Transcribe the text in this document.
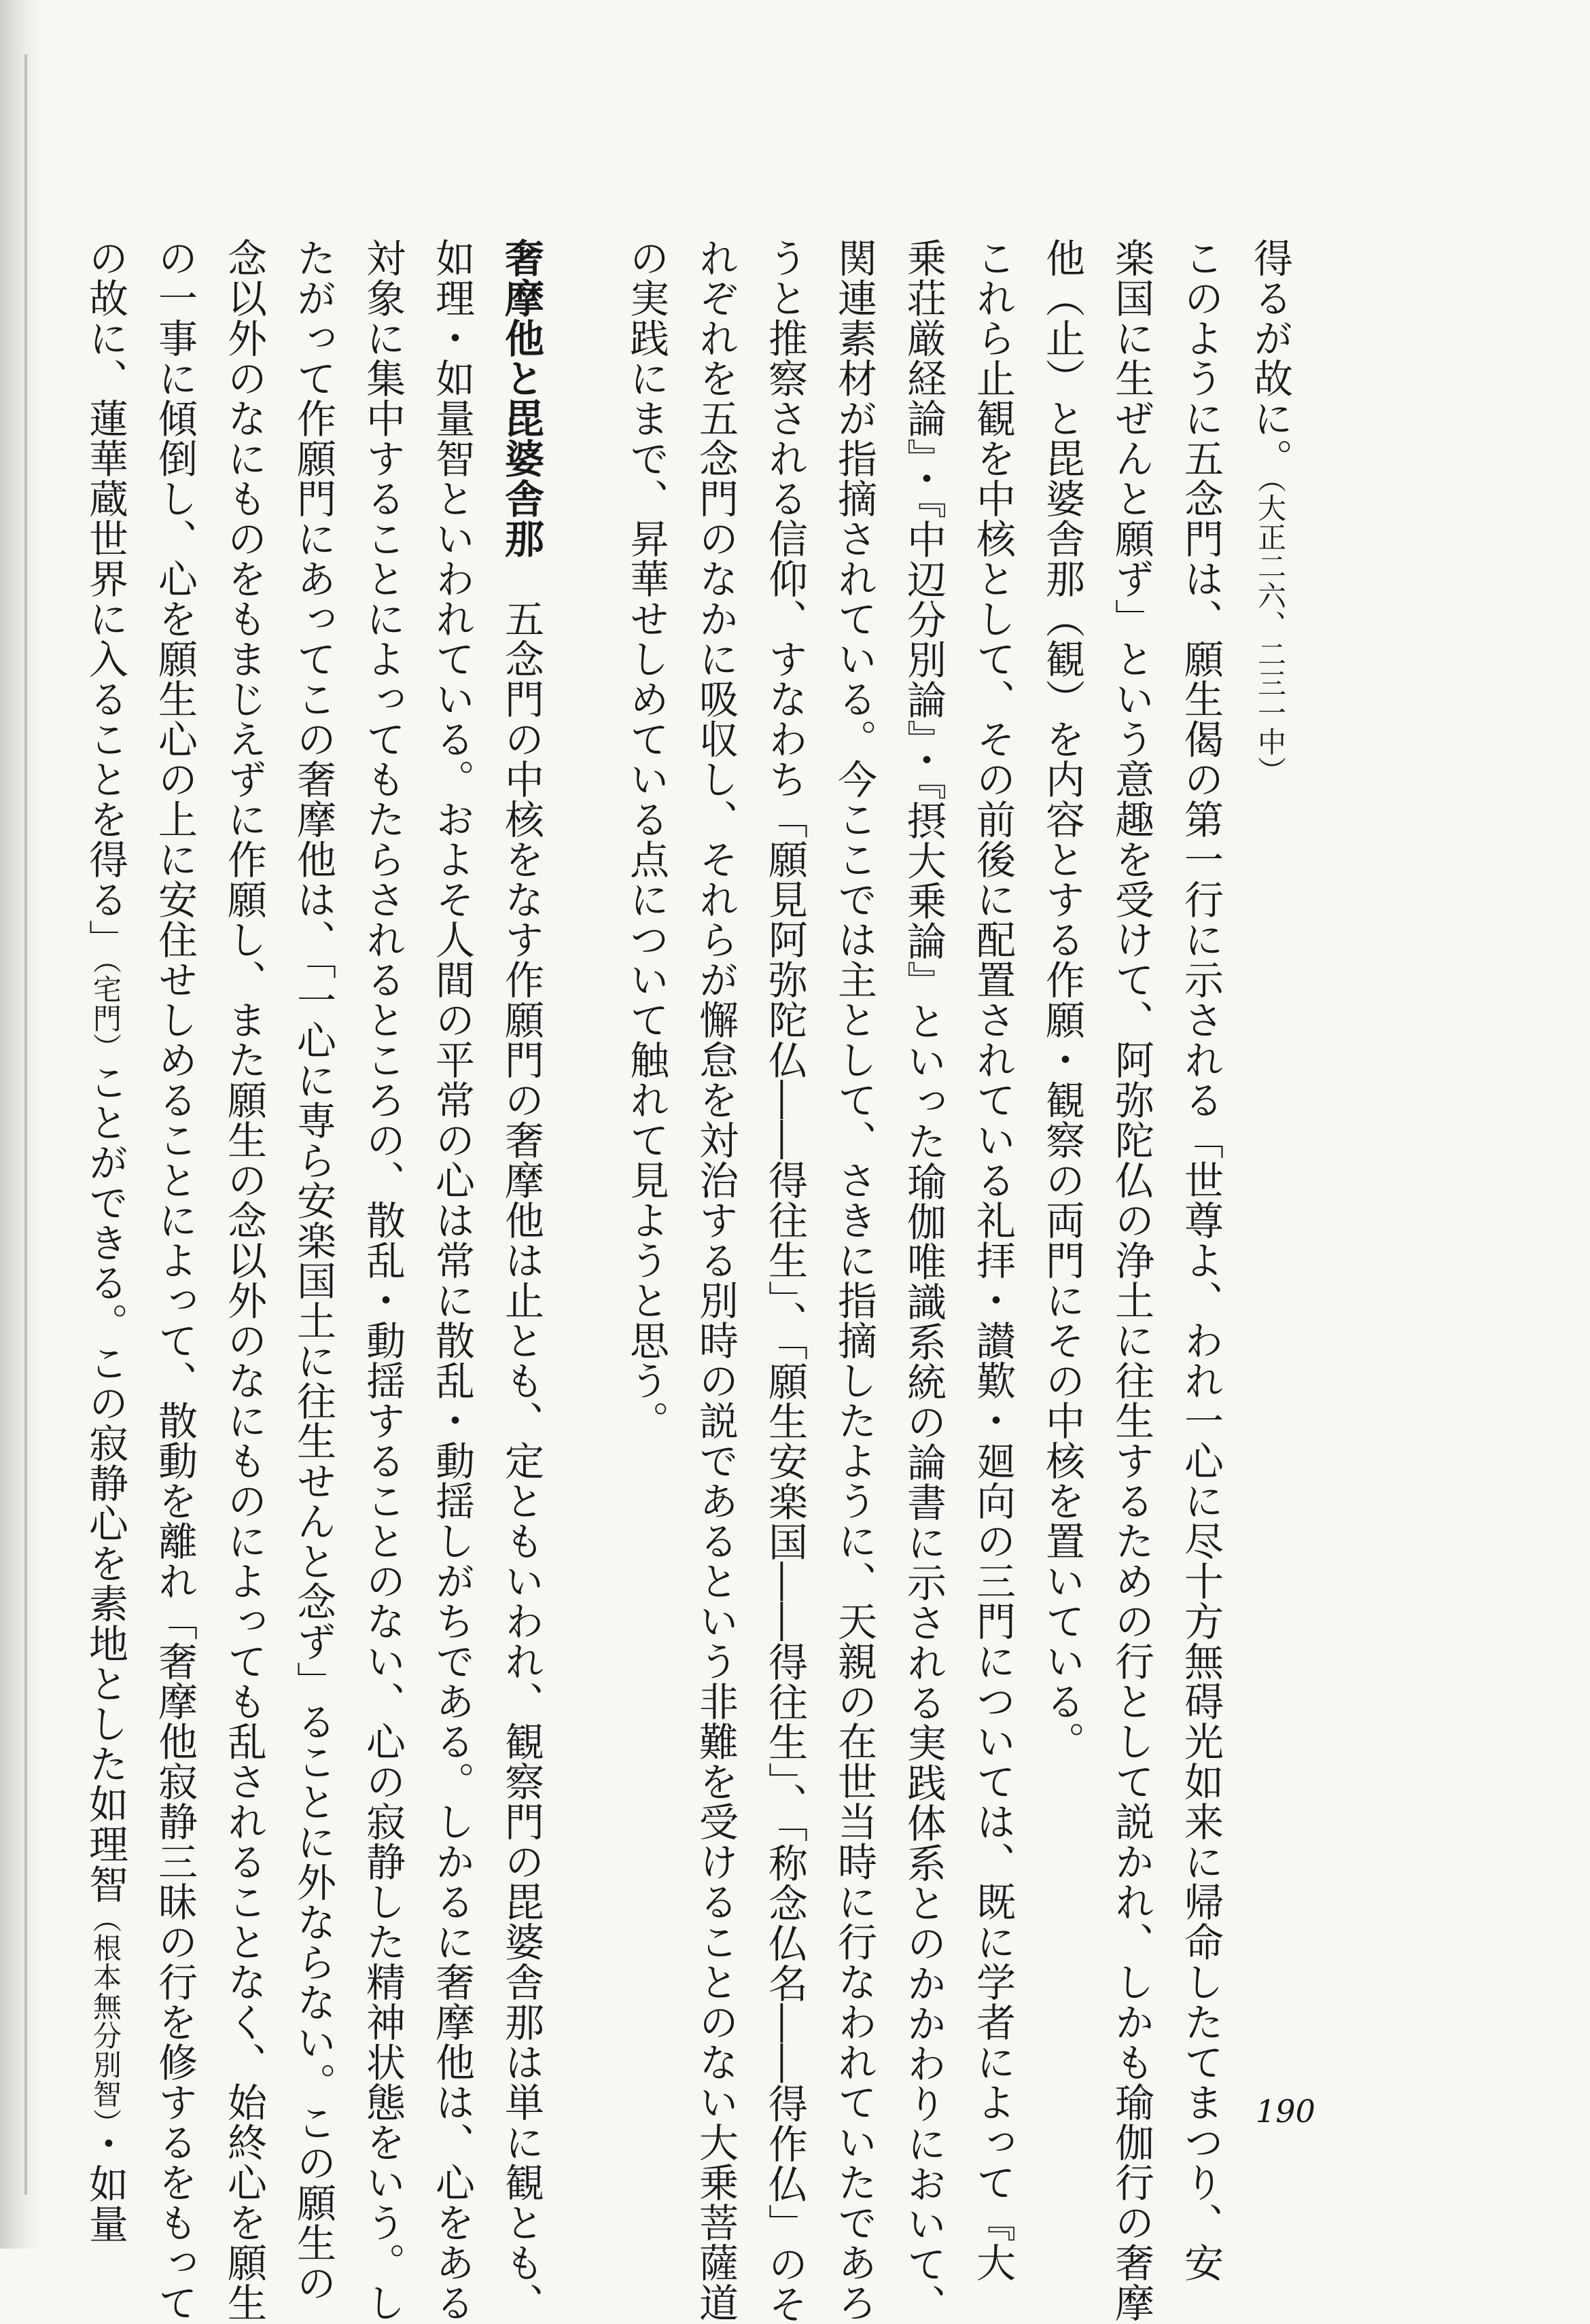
得るが故に。（大正二六、二三一中）
このように五念門は、願生偈の第一行に示される「世尊よ、われ一心に尽十方無碍光如来に帰命したてまつり、安
楽国に生ぜんと願ず」という意趣を受けて、阿弥陀仏の浄土に往生するための行として説かれ、しかも瑜伽行の奢摩
他（止）と毘婆舎那（観）を内容とする作願・観察の両門にその中核を置いている。
これら止観を中核として、その前後に配置されている礼拝・讃歎・廻向の三門については、既に学者によって『大
乗荘厳経論』・『中辺分別論』・『摂大乗論』といった瑜伽唯識系統の論書に示される実践体系とのかかわりにおいて、
関連素材が指摘されている。今ここでは主として、さきに指摘したように、天親の在世当時に行なわれていたであろ
うと推察される信仰、すなわち「願見阿弥陀仏――得往生」、「願生安楽国――得往生」、「称念仏名――得作仏」のそ
れぞれを五念門のなかに吸収し、それらが懈怠を対治する別時の説であるという非難を受けることのない大乗菩薩道
の実践にまで、昇華せしめている点について触れて見ようと思う。
奢摩他と毘婆舎那　五念門の中核をなす作願門の奢摩他は止とも、定ともいわれ、観察門の毘婆舎那は単に観とも、
如理・如量智といわれている。およそ人間の平常の心は常に散乱・動揺しがちである。しかるに奢摩他は、心をある
対象に集中することによってもたらされるところの、散乱・動揺することのない、心の寂静した精神状態をいう。し
たがって作願門にあってこの奢摩他は、「一心に専ら安楽国土に往生せんと念ず」ることに外ならない。この願生の
念以外のなにものをもまじえずに作願し、また願生の念以外のなにものによっても乱されることなく、始終心を願生
の一事に傾倒し、心を願生心の上に安住せしめることによって、散動を離れ「奢摩他寂静三昧の行を修するをもって
の故に、蓮華蔵世界に入ることを得る」（宅門）ことができる。この寂静心を素地とした如理智（根本無分別智）・如量
190
